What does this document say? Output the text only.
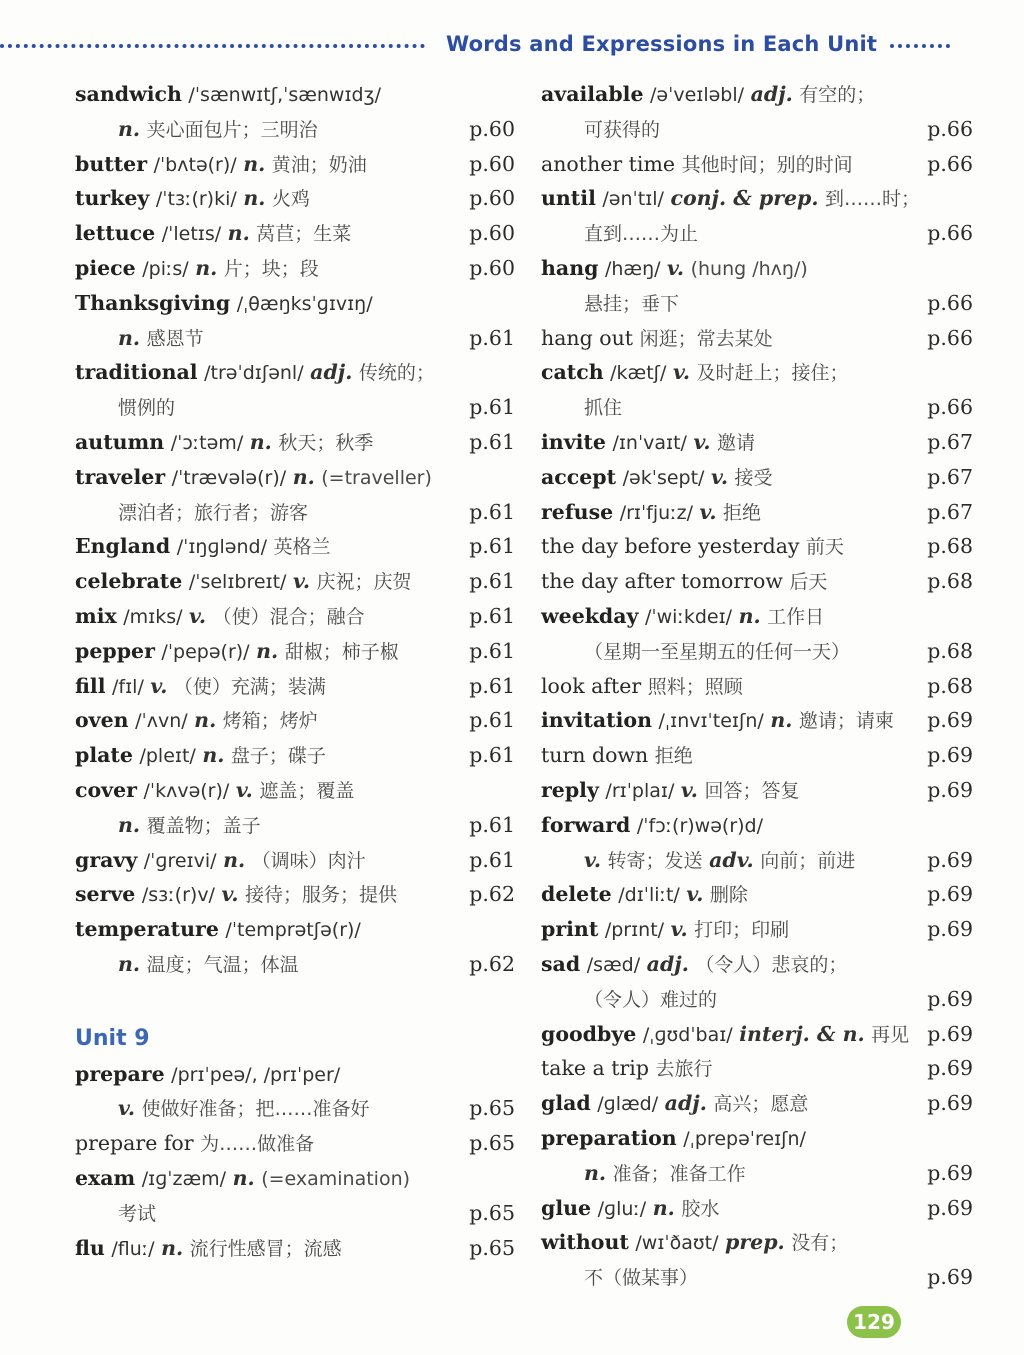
Words and Expressions in Each Unit
sandwich /ˈsænwɪtʃ,ˈsænwɪdʒ/
n. 夹心面包片；三明治	p.60
butter /ˈbʌtə(r)/ n. 黄油；奶油	p.60
turkey /ˈtɜː(r)ki/ n. 火鸡	p.60
lettuce /ˈletɪs/ n. 莴苣；生菜	p.60
piece /piːs/ n. 片；块；段	p.60
Thanksgiving /ˌθæŋksˈɡɪvɪŋ/
n. 感恩节	p.61
traditional /trəˈdɪʃənl/ adj. 传统的；
惯例的	p.61
autumn /ˈɔːtəm/ n. 秋天；秋季	p.61
traveler /ˈtrævələ(r)/ n. (=traveller)
漂泊者；旅行者；游客	p.61
England /ˈɪŋɡlənd/ 英格兰	p.61
celebrate /ˈselɪbreɪt/ v. 庆祝；庆贺	p.61
mix /mɪks/ v. （使）混合；融合	p.61
pepper /ˈpepə(r)/ n. 甜椒；柿子椒	p.61
fill /fɪl/ v. （使）充满；装满	p.61
oven /ˈʌvn/ n. 烤箱；烤炉	p.61
plate /pleɪt/ n. 盘子；碟子	p.61
cover /ˈkʌvə(r)/ v. 遮盖；覆盖
n. 覆盖物；盖子	p.61
gravy /ˈɡreɪvi/ n. （调味）肉汁	p.61
serve /sɜː(r)v/ v. 接待；服务；提供	p.62
temperature /ˈtemprətʃə(r)/
n. 温度；气温；体温	p.62
Unit 9
prepare /prɪˈpeə/, /prɪˈper/
v. 使做好准备；把……准备好	p.65
prepare for 为……做准备	p.65
exam /ɪɡˈzæm/ n. (=examination)
考试	p.65
flu /fluː/ n. 流行性感冒；流感	p.65
available /əˈveɪləbl/ adj. 有空的；
可获得的	p.66
another time 其他时间；别的时间	p.66
until /ənˈtɪl/ conj. & prep. 到……时；
直到……为止	p.66
hang /hæŋ/ v. (hung /hʌŋ/)
悬挂；垂下	p.66
hang out 闲逛；常去某处	p.66
catch /kætʃ/ v. 及时赶上；接住；
抓住	p.66
invite /ɪnˈvaɪt/ v. 邀请	p.67
accept /əkˈsept/ v. 接受	p.67
refuse /rɪˈfjuːz/ v. 拒绝	p.67
the day before yesterday 前天	p.68
the day after tomorrow 后天	p.68
weekday /ˈwiːkdeɪ/ n. 工作日
（星期一至星期五的任何一天）	p.68
look after 照料；照顾	p.68
invitation /ˌɪnvɪˈteɪʃn/ n. 邀请；请柬 p.69
turn down 拒绝	p.69
reply /rɪˈplaɪ/ v. 回答；答复	p.69
forward /ˈfɔː(r)wə(r)d/
v. 转寄；发送 adv. 向前；前进	p.69
delete /dɪˈliːt/ v. 删除	p.69
print /prɪnt/ v. 打印；印刷	p.69
sad /sæd/ adj. （令人）悲哀的；
（令人）难过的	p.69
goodbye /ˌɡʊdˈbaɪ/ interj. & n. 再见 p.69
take a trip 去旅行	p.69
glad /ɡlæd/ adj. 高兴；愿意	p.69
preparation /ˌprepəˈreɪʃn/
n. 准备；准备工作	p.69
glue /ɡluː/ n. 胶水	p.69
without /wɪˈðaʊt/ prep. 没有；
不（做某事）	p.69
129
